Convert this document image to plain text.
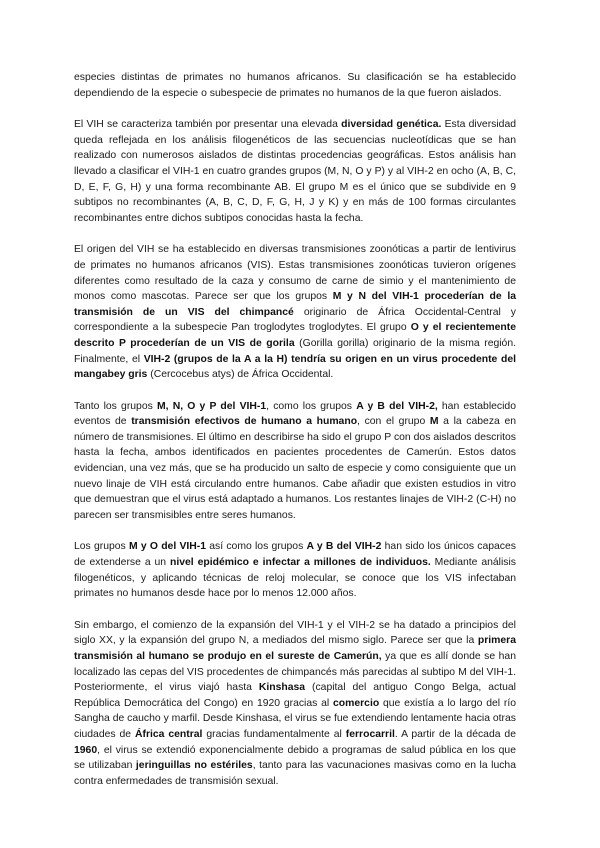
especies distintas de primates no humanos africanos. Su clasificación se ha establecido dependiendo de la especie o subespecie de primates no humanos de la que fueron aislados.

El VIH se caracteriza también por presentar una elevada diversidad genética. Esta diversidad queda reflejada en los análisis filogenéticos de las secuencias nucleotídicas que se han realizado con numerosos aislados de distintas procedencias geográficas. Estos análisis han llevado a clasificar el VIH-1 en cuatro grandes grupos (M, N, O y P) y al VIH-2 en ocho (A, B, C, D, E, F, G, H) y una forma recombinante AB. El grupo M es el único que se subdivide en 9 subtipos no recombinantes (A, B, C, D, F, G, H, J y K) y en más de 100 formas circulantes recombinantes entre dichos subtipos conocidas hasta la fecha.

El origen del VIH se ha establecido en diversas transmisiones zoonóticas a partir de lentivirus de primates no humanos africanos (VIS). Estas transmisiones zoonóticas tuvieron orígenes diferentes como resultado de la caza y consumo de carne de simio y el mantenimiento de monos como mascotas. Parece ser que los grupos M y N del VIH-1 procederían de la transmisión de un VIS del chimpancé originario de África Occidental-Central y correspondiente a la subespecie Pan troglodytes troglodytes. El grupo O y el recientemente descrito P procederían de un VIS de gorila (Gorilla gorilla) originario de la misma región. Finalmente, el VIH-2 (grupos de la A a la H) tendría su origen en un virus procedente del mangabey gris (Cercocebus atys) de África Occidental.

Tanto los grupos M, N, O y P del VIH-1, como los grupos A y B del VIH-2, han establecido eventos de transmisión efectivos de humano a humano, con el grupo M a la cabeza en número de transmisiones. El último en describirse ha sido el grupo P con dos aislados descritos hasta la fecha, ambos identificados en pacientes procedentes de Camerún. Estos datos evidencian, una vez más, que se ha producido un salto de especie y como consiguiente que un nuevo linaje de VIH está circulando entre humanos. Cabe añadir que existen estudios in vitro que demuestran que el virus está adaptado a humanos. Los restantes linajes de VIH-2 (C-H) no parecen ser transmisibles entre seres humanos.

Los grupos M y O del VIH-1 así como los grupos A y B del VIH-2 han sido los únicos capaces de extenderse a un nivel epidémico e infectar a millones de individuos. Mediante análisis filogenéticos, y aplicando técnicas de reloj molecular, se conoce que los VIS infectaban primates no humanos desde hace por lo menos 12.000 años.

Sin embargo, el comienzo de la expansión del VIH-1 y el VIH-2 se ha datado a principios del siglo XX, y la expansión del grupo N, a mediados del mismo siglo. Parece ser que la primera transmisión al humano se produjo en el sureste de Camerún, ya que es allí donde se han localizado las cepas del VIS procedentes de chimpancés más parecidas al subtipo M del VIH-1. Posteriormente, el virus viajó hasta Kinshasa (capital del antiguo Congo Belga, actual República Democrática del Congo) en 1920 gracias al comercio que existía a lo largo del río Sangha de caucho y marfil. Desde Kinshasa, el virus se fue extendiendo lentamente hacia otras ciudades de África central gracias fundamentalmente al ferrocarril. A partir de la década de 1960, el virus se extendió exponencialmente debido a programas de salud pública en los que se utilizaban jeringuillas no estériles, tanto para las vacunaciones masivas como en la lucha contra enfermedades de transmisión sexual.
